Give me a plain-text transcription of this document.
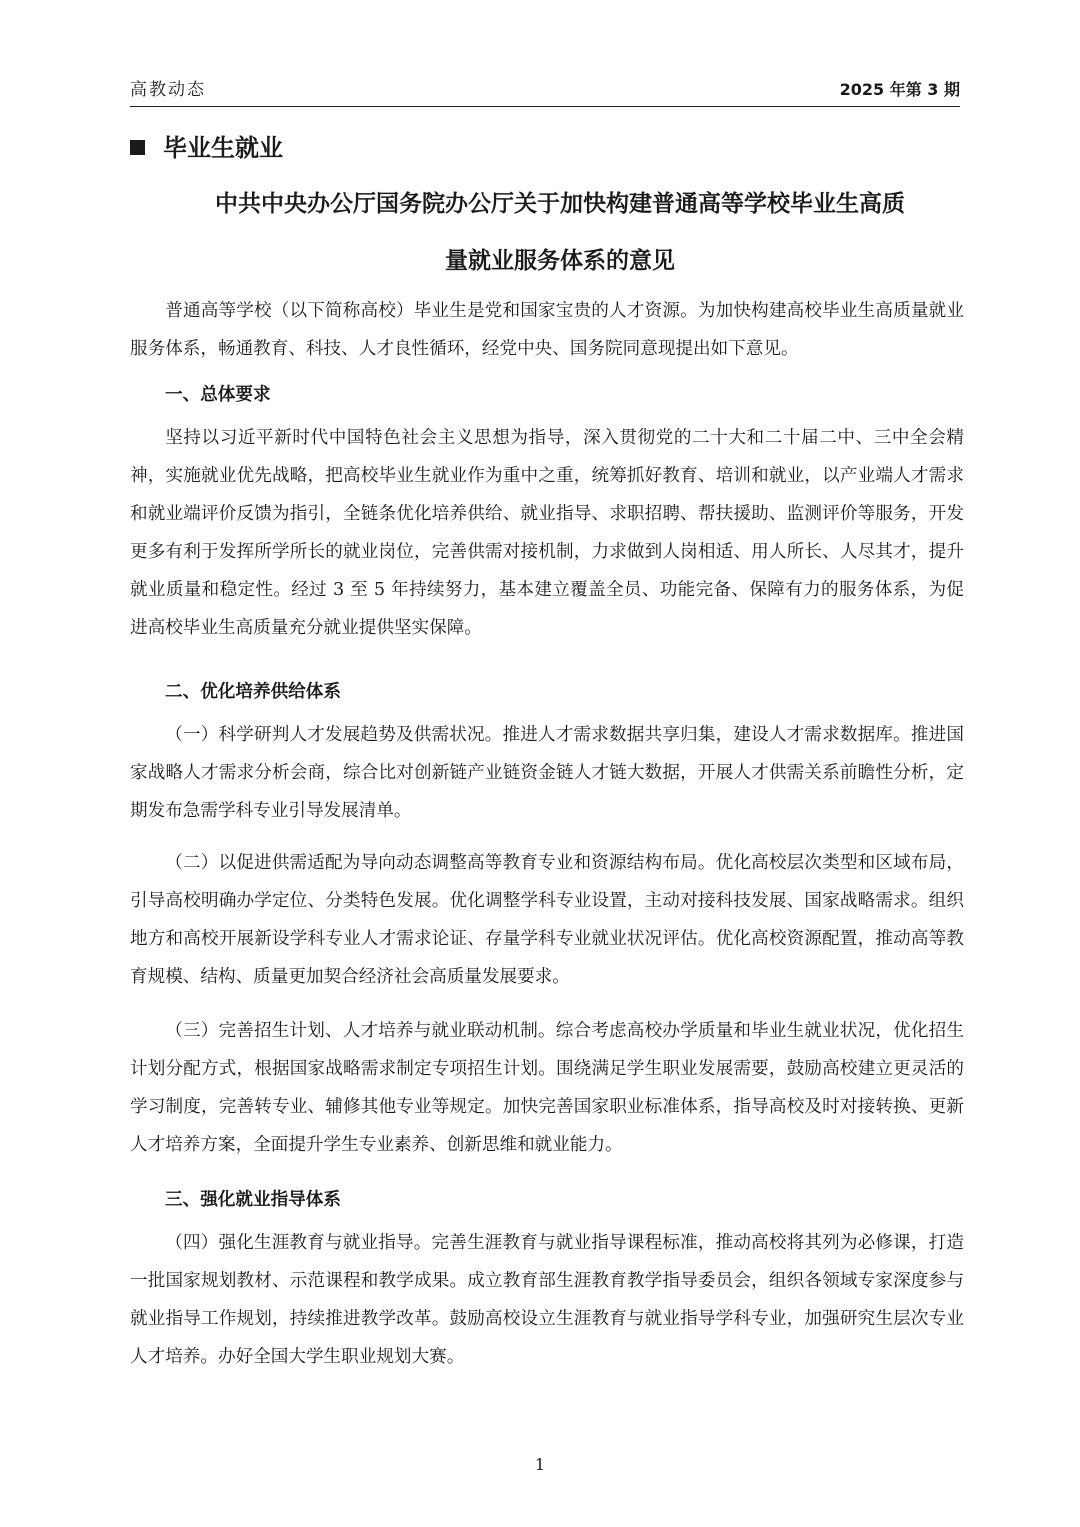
高教动态	2025 年第 3 期
毕业生就业
中共中央办公厅国务院办公厅关于加快构建普通高等学校毕业生高质
量就业服务体系的意见

普通高等学校（以下简称高校）毕业生是党和国家宝贵的人才资源。为加快构建高校毕业生高质量就业服务体系，畅通教育、科技、人才良性循环，经党中央、国务院同意现提出如下意见。

一、总体要求

坚持以习近平新时代中国特色社会主义思想为指导，深入贯彻党的二十大和二十届二中、三中全会精神，实施就业优先战略，把高校毕业生就业作为重中之重，统筹抓好教育、培训和就业，以产业端人才需求和就业端评价反馈为指引，全链条优化培养供给、就业指导、求职招聘、帮扶援助、监测评价等服务，开发更多有利于发挥所学所长的就业岗位，完善供需对接机制，力求做到人岗相适、用人所长、人尽其才，提升就业质量和稳定性。经过 3 至 5 年持续努力，基本建立覆盖全员、功能完备、保障有力的服务体系，为促进高校毕业生高质量充分就业提供坚实保障。

二、优化培养供给体系

（一）科学研判人才发展趋势及供需状况。推进人才需求数据共享归集，建设人才需求数据库。推进国家战略人才需求分析会商，综合比对创新链产业链资金链人才链大数据，开展人才供需关系前瞻性分析，定期发布急需学科专业引导发展清单。

（二）以促进供需适配为导向动态调整高等教育专业和资源结构布局。优化高校层次类型和区域布局，引导高校明确办学定位、分类特色发展。优化调整学科专业设置，主动对接科技发展、国家战略需求。组织地方和高校开展新设学科专业人才需求论证、存量学科专业就业状况评估。优化高校资源配置，推动高等教育规模、结构、质量更加契合经济社会高质量发展要求。

（三）完善招生计划、人才培养与就业联动机制。综合考虑高校办学质量和毕业生就业状况，优化招生计划分配方式，根据国家战略需求制定专项招生计划。围绕满足学生职业发展需要，鼓励高校建立更灵活的学习制度，完善转专业、辅修其他专业等规定。加快完善国家职业标准体系，指导高校及时对接转换、更新人才培养方案，全面提升学生专业素养、创新思维和就业能力。

三、强化就业指导体系

（四）强化生涯教育与就业指导。完善生涯教育与就业指导课程标准，推动高校将其列为必修课，打造一批国家规划教材、示范课程和教学成果。成立教育部生涯教育教学指导委员会，组织各领域专家深度参与就业指导工作规划，持续推进教学改革。鼓励高校设立生涯教育与就业指导学科专业，加强研究生层次专业人才培养。办好全国大学生职业规划大赛。

1
